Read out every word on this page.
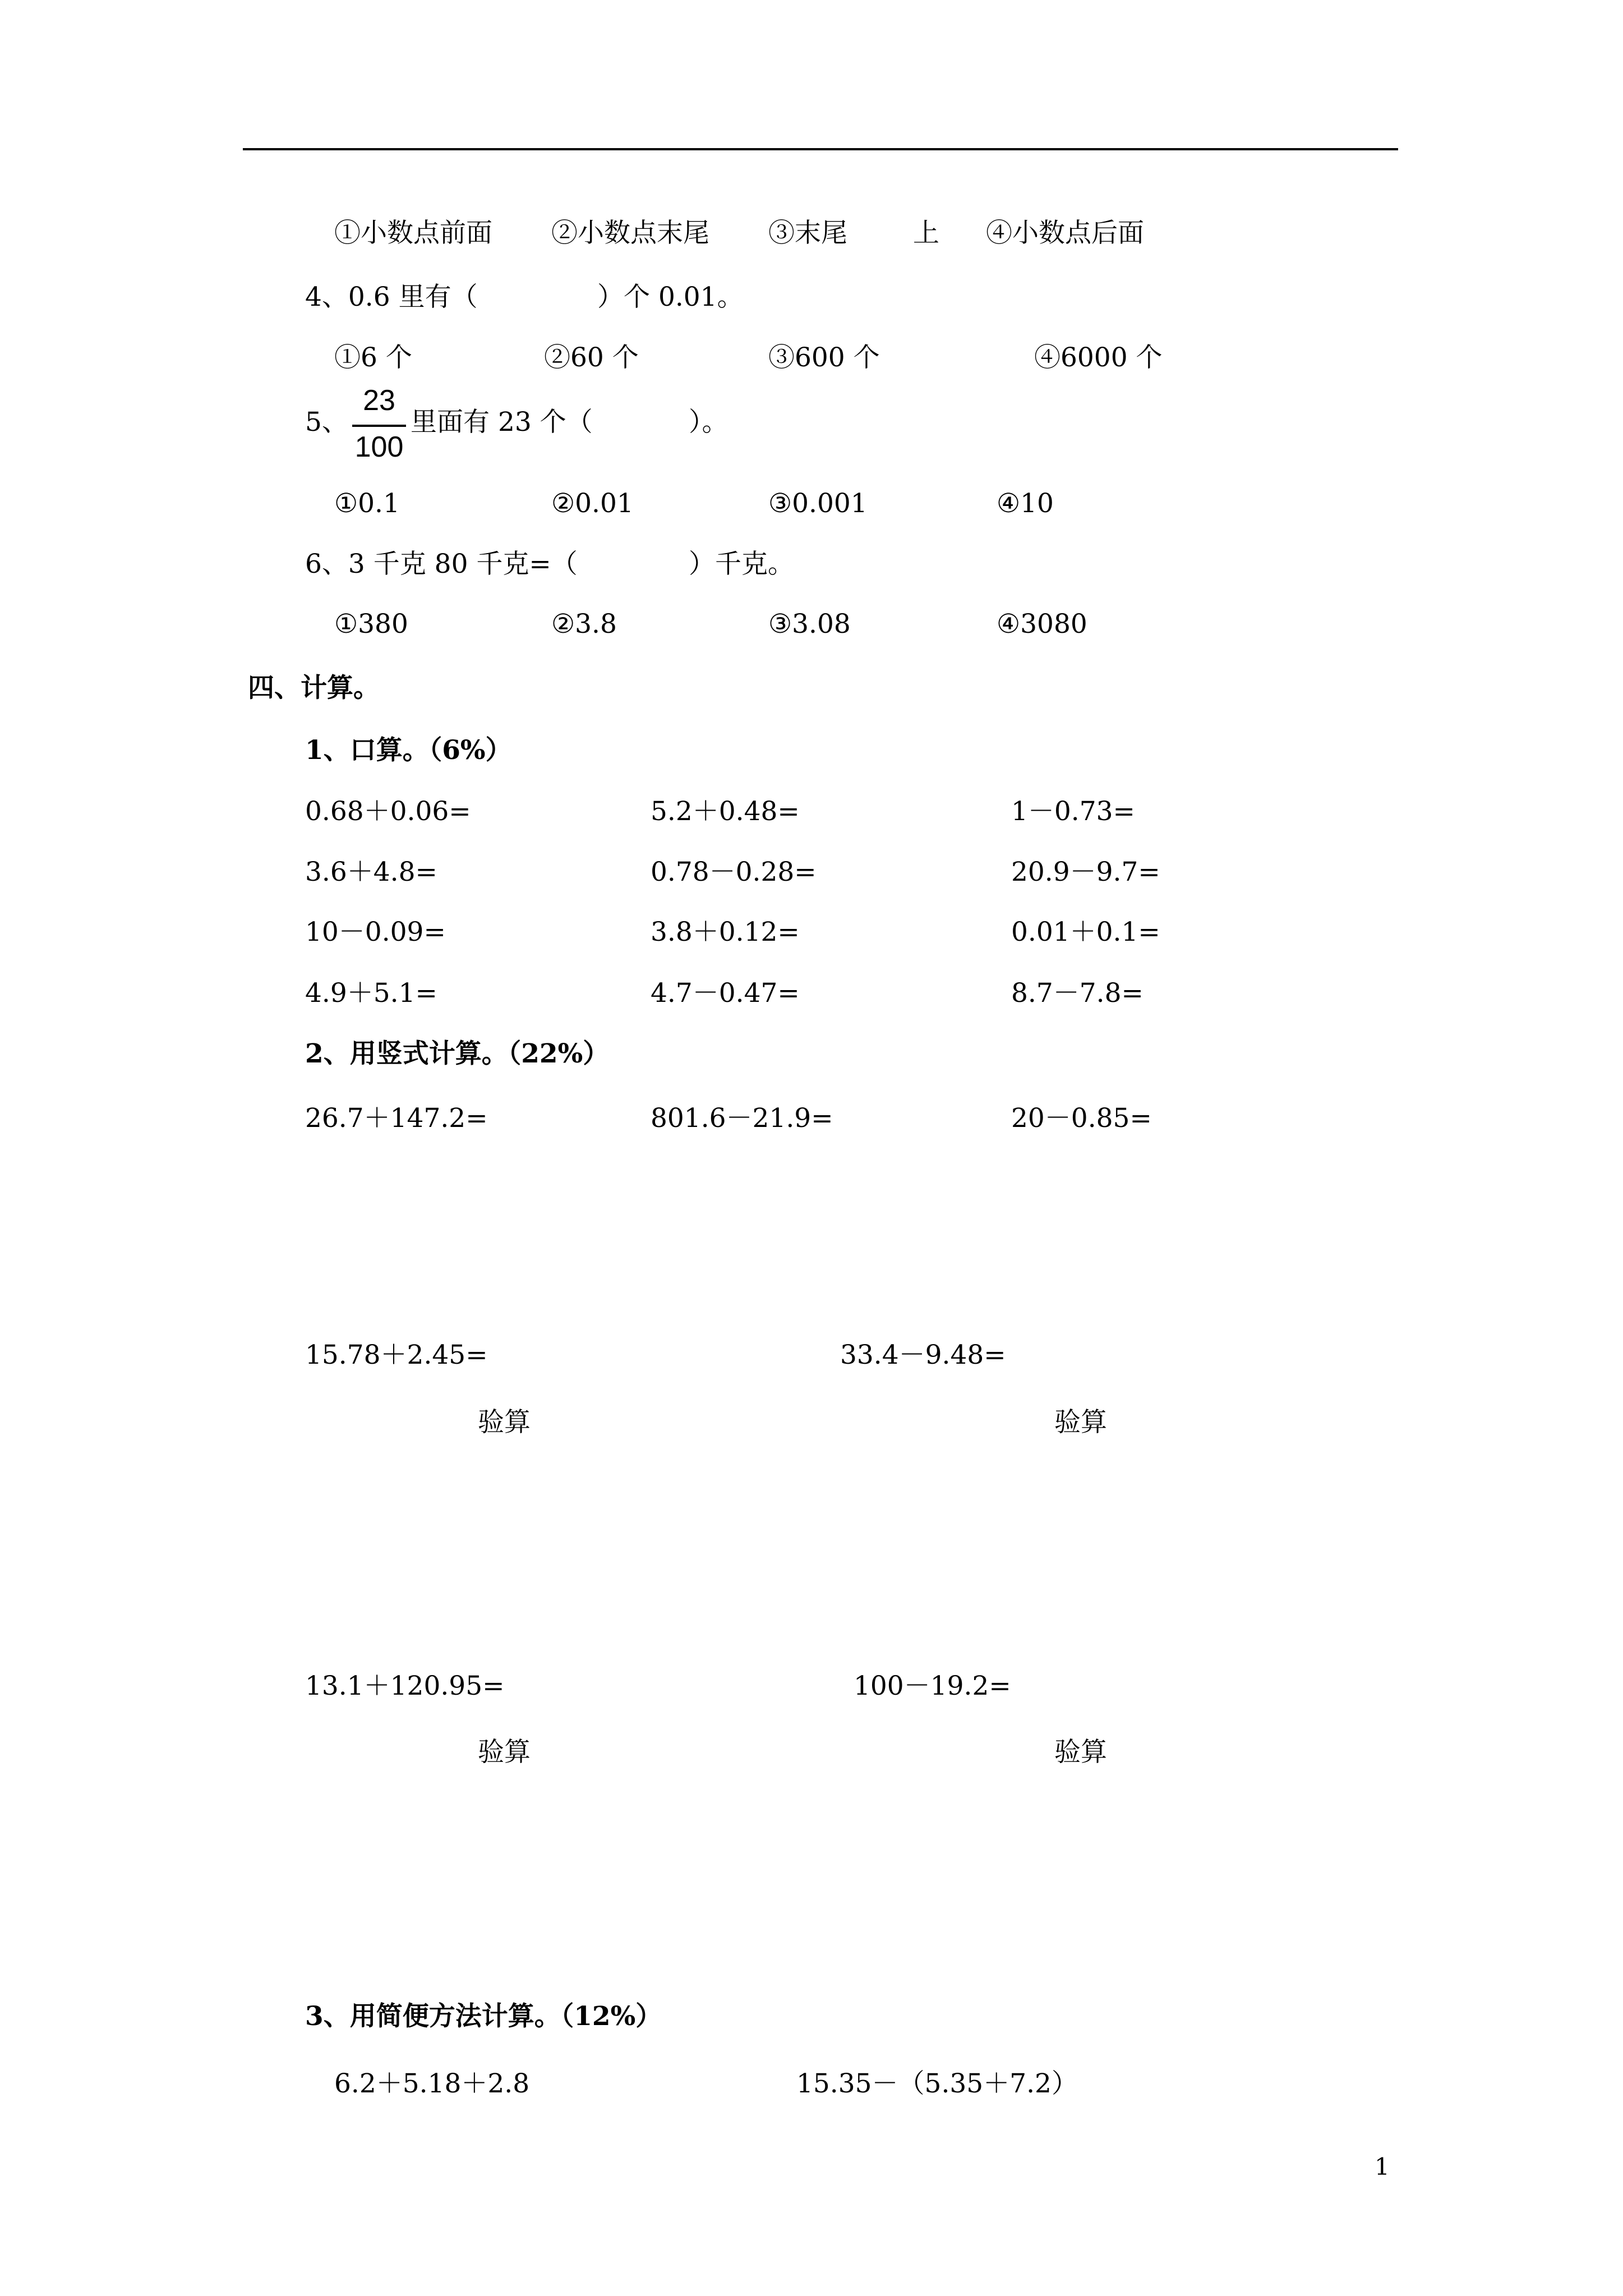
①小数点前面 ②小数点末尾 ③末尾 上 ④小数点后面
4、0.6 里有（	）个 0.01。
①6 个	②60 个	③600 个	④6000 个
5、
23
100
里面有 23 个（	）。
①0.1	②0.01	③0.001	④10
6、3 千克 80 千克=（	）千克。
①380	②3.8	③3.08	④3080
四、计算。
1、口算。（6%）
0.68＋0.06=	5.2＋0.48=	1－0.73=
3.6＋4.8=	0.78－0.28=	20.9－9.7=
10－0.09=	3.8＋0.12=	0.01＋0.1=
4.9＋5.1=	4.7－0.47=	8.7－7.8=
2、用竖式计算。（22%）
26.7＋147.2=	801.6－21.9=	20－0.85=
15.78＋2.45=	33.4－9.48=
验算	验算
13.1＋120.95=	100－19.2=
验算	验算
3、用简便方法计算。（12%）
6.2＋5.18＋2.8	15.35－（5.35＋7.2）
1
